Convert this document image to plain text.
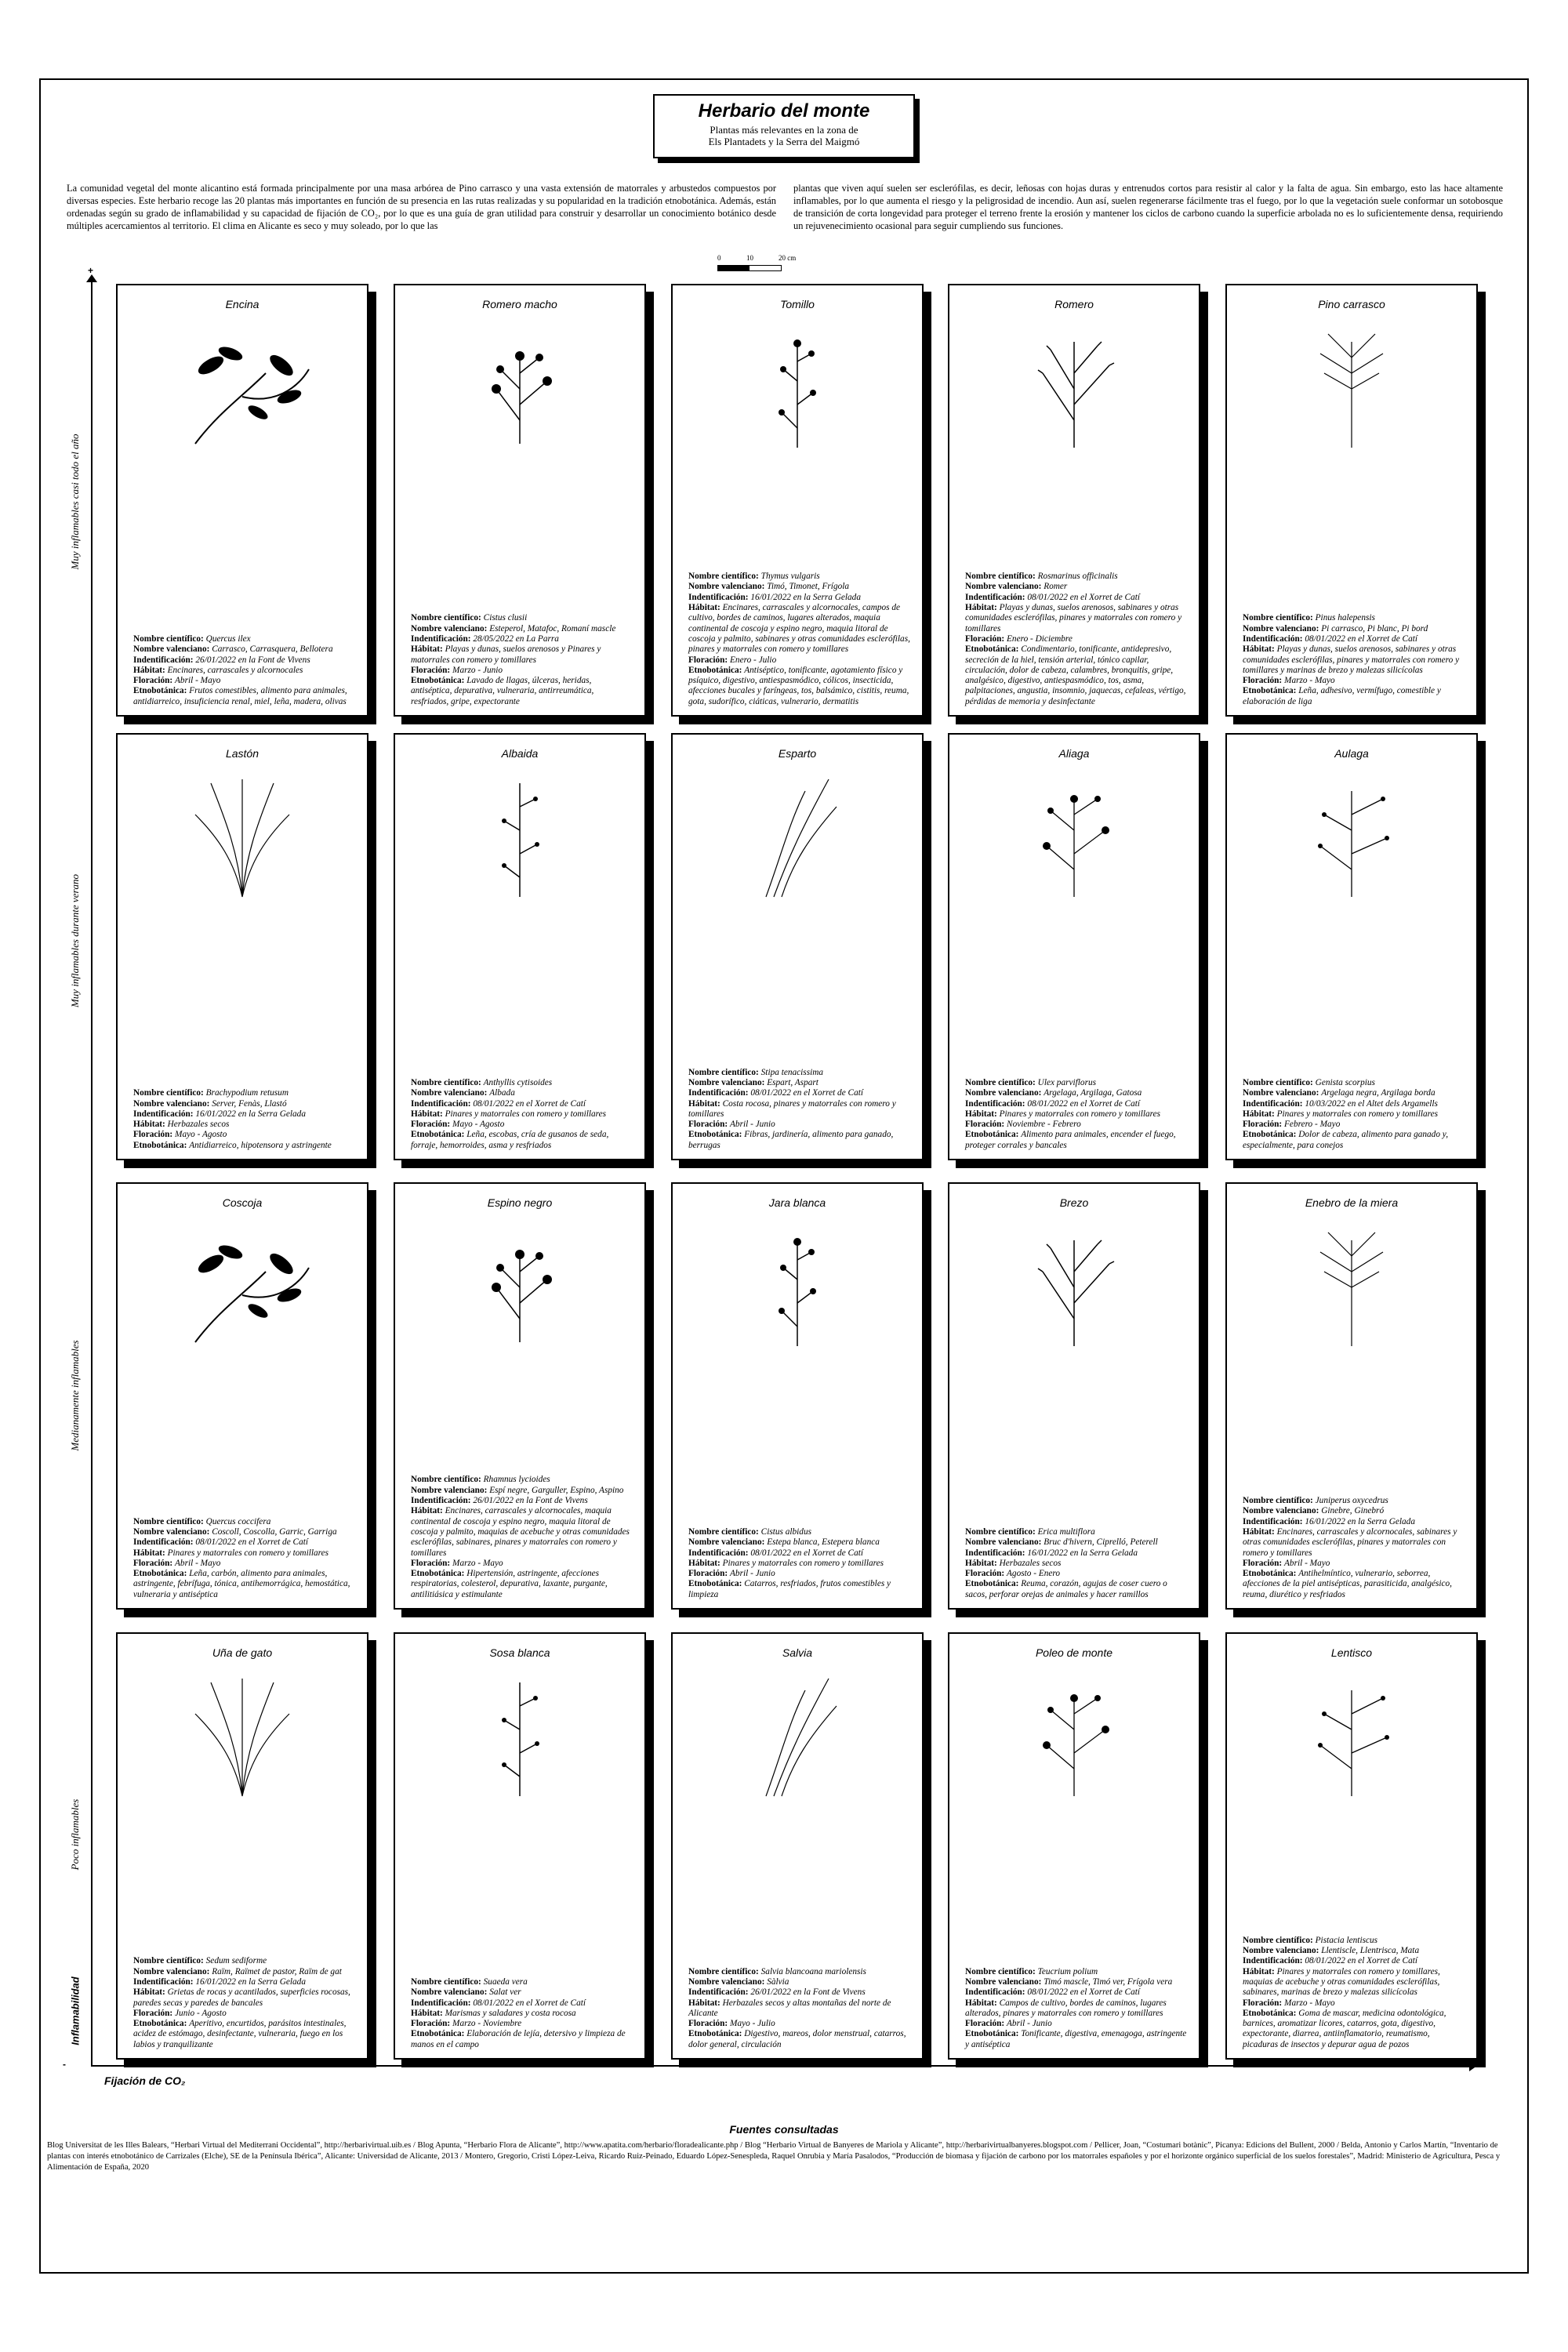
Herbario del monte
Plantas más relevantes en la zona de
Els Plantadets y la Serra del Maigmó
La comunidad vegetal del monte alicantino está formada principalmente por una masa arbórea de Pino carrasco y una vasta extensión de matorrales y arbustedos compuestos por diversas especies. Este herbario recoge las 20 plantas más importantes en función de su presencia en las rutas realizadas y su popularidad en la tradición etnobotánica. Además, están ordenadas según su grado de inflamabilidad y su capacidad de fijación de CO₂, por lo que es una guía de gran utilidad para construir y desarrollar un conocimiento botánico desde múltiples acercamientos al territorio. El clima en Alicante es seco y muy soleado, por lo que las
plantas que viven aquí suelen ser esclerófilas, es decir, leñosas con hojas duras y entrenudos cortos para resistir al calor y la falta de agua. Sin embargo, esto las hace altamente inflamables, por lo que aumenta el riesgo y la peligrosidad de incendio. Aun así, suelen regenerarse fácilmente tras el fuego, por lo que la vegetación suele conformar un sotobosque de transición de corta longevidad para proteger el terreno frente la erosión y mantener los ciclos de carbono cuando la superficie arbolada no es lo suficientemente densa, requiriendo un rejuvenecimiento ocasional para seguir cumpliendo sus funciones.
0	10	20 cm
+
-	+
Muy inflamables casi todo el año
Muy inflamables durante verano
Medianamente inflamables
Poco inflamables
Inflamabilidad
Fijación de CO₂
Encina
Nombre científico: Quercus ilex
Nombre valenciano: Carrasco, Carrasquera, Bellotera
Indentificación: 26/01/2022 en la Font de Vivens
Hábitat: Encinares, carrascales y alcornocales
Floración: Abril - Mayo
Etnobotánica: Frutos comestibles, alimento para animales, antidiarreico, insuficiencia renal, miel, leña, madera, olivas
Romero macho
Nombre científico: Cistus clusii
Nombre valenciano: Esteperol, Matafoc, Romaní mascle
Indentificación: 28/05/2022 en La Parra
Hábitat: Playas y dunas, suelos arenosos y Pinares y matorrales con romero y tomillares
Floración: Marzo - Junio
Etnobotánica: Lavado de llagas, úlceras, heridas, antiséptica, depurativa, vulneraria, antirreumática, resfriados, gripe, expectorante
Tomillo
Nombre científico: Thymus vulgaris
Nombre valenciano: Timó, Timonet, Frígola
Indentificación: 16/01/2022 en la Serra Gelada
Hábitat: Encinares, carrascales y alcornocales, campos de cultivo, bordes de caminos, lugares alterados, maquia continental de coscoja y espino negro, maquia litoral de coscoja y palmito, sabinares y otras comunidades esclerófilas, pinares y matorrales con romero y tomillares
Floración: Enero - Julio
Etnobotánica: Antiséptico, tonificante, agotamiento físico y psíquico, digestivo, antiespasmódico, cólicos, insecticida, afecciones bucales y faríngeas, tos, balsámico, cistitis, reuma, gota, sudorífico, ciáticas, vulnerario, dermatitis
Romero
Nombre científico: Rosmarinus officinalis
Nombre valenciano: Romer
Indentificación: 08/01/2022 en el Xorret de Catí
Hábitat: Playas y dunas, suelos arenosos, sabinares y otras comunidades esclerófilas, pinares y matorrales con romero y tomillares
Floración: Enero - Diciembre
Etnobotánica: Condimentario, tonificante, antidepresivo, secreción de la hiel, tensión arterial, tónico capilar, circulación, dolor de cabeza, calambres, bronquitis, gripe, analgésico, digestivo, antiespasmódico, tos, asma, palpitaciones, angustia, insomnio, jaquecas, cefaleas, vértigo, pérdidas de memoria y desinfectante
Pino carrasco
Nombre científico: Pinus halepensis
Nombre valenciano: Pi carrasco, Pi blanc, Pi bord
Indentificación: 08/01/2022 en el Xorret de Catí
Hábitat: Playas y dunas, suelos arenosos, sabinares y otras comunidades esclerófilas, pinares y matorrales con romero y tomillares y marinas de brezo y malezas silicícolas
Floración: Marzo - Mayo
Etnobotánica: Leña, adhesivo, vermífugo, comestible y elaboración de liga
Lastón
Nombre científico: Brachypodium retusum
Nombre valenciano: Server, Fenàs, Llastó
Indentificación: 16/01/2022 en la Serra Gelada
Hábitat: Herbazales secos
Floración: Mayo - Agosto
Etnobotánica: Antidiarreico, hipotensora y astringente
Albaida
Nombre científico: Anthyllis cytisoides
Nombre valenciano: Albada
Indentificación: 08/01/2022 en el Xorret de Catí
Hábitat: Pinares y matorrales con romero y tomillares
Floración: Mayo - Agosto
Etnobotánica: Leña, escobas, cría de gusanos de seda, forraje, hemorroides, asma y resfriados
Esparto
Nombre científico: Stipa tenacissima
Nombre valenciano: Espart, Aspart
Indentificación: 08/01/2022 en el Xorret de Catí
Hábitat: Costa rocosa, pinares y matorrales con romero y tomillares
Floración: Abril - Junio
Etnobotánica: Fibras, jardinería, alimento para ganado, berrugas
Aliaga
Nombre científico: Ulex parviflorus
Nombre valenciano: Argelaga, Argilaga, Gatosa
Indentificación: 08/01/2022 en el Xorret de Catí
Hábitat: Pinares y matorrales con romero y tomillares
Floración: Noviembre - Febrero
Etnobotánica: Alimento para animales, encender el fuego, proteger corrales y bancales
Aulaga
Nombre científico: Genista scorpius
Nombre valenciano: Argelaga negra, Argilaga borda
Indentificación: 10/03/2022 en el Altet dels Argamells
Hábitat: Pinares y matorrales con romero y tomillares
Floración: Febrero - Mayo
Etnobotánica: Dolor de cabeza, alimento para ganado y, especialmente, para conejos
Coscoja
Nombre científico: Quercus coccifera
Nombre valenciano: Coscoll, Coscolla, Garric, Garriga
Indentificación: 08/01/2022 en el Xorret de Catí
Hábitat: Pinares y matorrales con romero y tomillares
Floración: Abril - Mayo
Etnobotánica: Leña, carbón, alimento para animales, astringente, febrífuga, tónica, antihemorrágica, hemostática, vulneraria y antiséptica
Espino negro
Nombre científico: Rhamnus lycioides
Nombre valenciano: Espí negre, Garguller, Espino, Aspino
Indentificación: 26/01/2022 en la Font de Vivens
Hábitat: Encinares, carrascales y alcornocales, maquia continental de coscoja y espino negro, maquia litoral de coscoja y palmito, maquias de acebuche y otras comunidades esclerófilas, sabinares, pinares y matorrales con romero y tomillares
Floración: Marzo - Mayo
Etnobotánica: Hipertensión, astringente, afecciones respiratorias, colesterol, depurativa, laxante, purgante, antilitiásica y estimulante
Jara blanca
Nombre científico: Cistus albidus
Nombre valenciano: Estepa blanca, Estepera blanca
Indentificación: 08/01/2022 en el Xorret de Catí
Hábitat: Pinares y matorrales con romero y tomillares
Floración: Abril - Junio
Etnobotánica: Catarros, resfriados, frutos comestibles y limpieza
Brezo
Nombre científico: Erica multiflora
Nombre valenciano: Bruc d'hivern, Ciprelló, Peterell
Indentificación: 16/01/2022 en la Serra Gelada
Hábitat: Herbazales secos
Floración: Agosto - Enero
Etnobotánica: Reuma, corazón, agujas de coser cuero o sacos, perforar orejas de animales y hacer ramillos
Enebro de la miera
Nombre científico: Juniperus oxycedrus
Nombre valenciano: Ginebre, Ginebró
Indentificación: 16/01/2022 en la Serra Gelada
Hábitat: Encinares, carrascales y alcornocales, sabinares y otras comunidades esclerófilas, pinares y matorrales con romero y tomillares
Floración: Abril - Mayo
Etnobotánica: Antihelmíntico, vulnerario, seborrea, afecciones de la piel antisépticas, parasiticida, analgésico, reuma, diurético y resfriados
Uña de gato
Nombre científico: Sedum sediforme
Nombre valenciano: Raïm, Raïmet de pastor, Raïm de gat
Indentificación: 16/01/2022 en la Serra Gelada
Hábitat: Grietas de rocas y acantilados, superficies rocosas, paredes secas y paredes de bancales
Floración: Junio - Agosto
Etnobotánica: Aperitivo, encurtidos, parásitos intestinales, acidez de estómago, desinfectante, vulneraria, fuego en los labios y tranquilizante
Sosa blanca
Nombre científico: Suaeda vera
Nombre valenciano: Salat ver
Indentificación: 08/01/2022 en el Xorret de Catí
Hábitat: Marismas y saladares y costa rocosa
Floración: Marzo - Noviembre
Etnobotánica: Elaboración de lejía, detersivo y limpieza de manos en el campo
Salvia
Nombre científico: Salvia blancoana mariolensis
Nombre valenciano: Sàlvia
Indentificación: 26/01/2022 en la Font de Vivens
Hábitat: Herbazales secos y altas montañas del norte de Alicante
Floración: Mayo - Julio
Etnobotánica: Digestivo, mareos, dolor menstrual, catarros, dolor general, circulación
Poleo de monte
Nombre científico: Teucrium polium
Nombre valenciano: Timó mascle, Timó ver, Frígola vera
Indentificación: 08/01/2022 en el Xorret de Catí
Hábitat: Campos de cultivo, bordes de caminos, lugares alterados, pinares y matorrales con romero y tomillares
Floración: Abril - Junio
Etnobotánica: Tonificante, digestiva, emenagoga, astringente y antiséptica
Lentisco
Nombre científico: Pistacia lentiscus
Nombre valenciano: Llentiscle, Llentrisca, Mata
Indentificación: 08/01/2022 en el Xorret de Catí
Hábitat: Pinares y matorrales con romero y tomillares, maquias de acebuche y otras comunidades esclerófilas, sabinares, marinas de brezo y malezas silicícolas
Floración: Marzo - Mayo
Etnobotánica: Goma de mascar, medicina odontológica, barnices, aromatizar licores, catarros, gota, digestivo, expectorante, diarrea, antiinflamatorio, reumatismo, picaduras de insectos y depurar agua de pozos
Fuentes consultadas
Blog Universitat de les Illes Balears, “Herbari Virtual del Mediterrani Occidental”, http://herbarivirtual.uib.es / Blog Apunta, “Herbario Flora de Alicante”, http://www.apatita.com/herbario/floradealicante.php / Blog “Herbario Virtual de Banyeres de Mariola y Alicante”, http://herbarivirtualbanyeres.blogspot.com / Pellicer, Joan, “Costumari botànic”, Picanya: Edicions del Bullent, 2000 / Belda, Antonio y Carlos Martín, “Inventario de plantas con interés etnobotánico de Carrizales (Elche), SE de la Península Ibérica”, Alicante: Universidad de Alicante, 2013 / Montero, Gregorio, Cristi López-Leiva, Ricardo Ruiz-Peinado, Eduardo López-Senespleda, Raquel Onrubia y María Pasalodos, “Producción de biomasa y fijación de carbono por los matorrales españoles y por el horizonte orgánico superficial de los suelos forestales”, Madrid: Ministerio de Agricultura, Pesca y Alimentación de España, 2020
